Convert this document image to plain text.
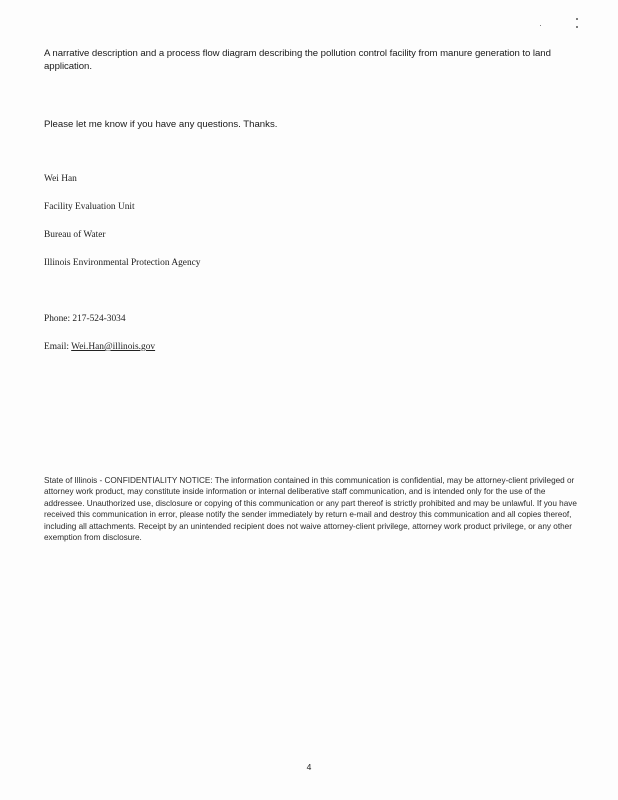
A narrative description and a process flow diagram describing the pollution control facility from manure generation to land application.

Please let me know if you have any questions. Thanks.

Wei Han

Facility Evaluation Unit

Bureau of Water

Illinois Environmental Protection Agency

Phone: 217-524-3034

Email: Wei.Han@illinois.gov

State of Illinois - CONFIDENTIALITY NOTICE: The information contained in this communication is confidential, may be attorney-client privileged or attorney work product, may constitute inside information or internal deliberative staff communication, and is intended only for the use of the addressee. Unauthorized use, disclosure or copying of this communication or any part thereof is strictly prohibited and may be unlawful. If you have received this communication in error, please notify the sender immediately by return e-mail and destroy this communication and all copies thereof, including all attachments. Receipt by an unintended recipient does not waive attorney-client privilege, attorney work product privilege, or any other exemption from disclosure.

4
